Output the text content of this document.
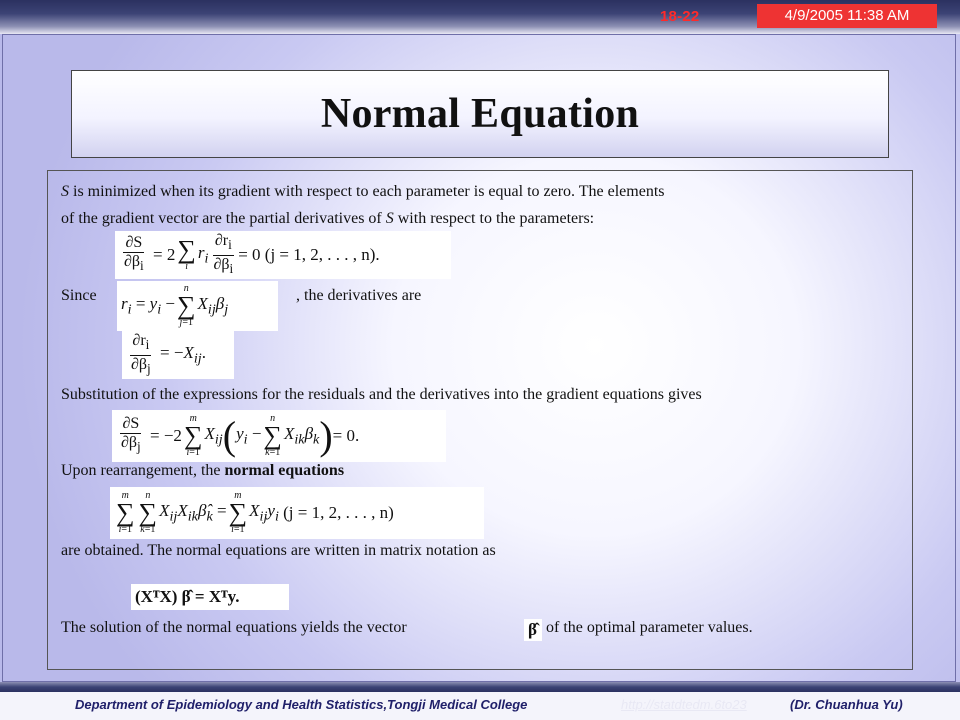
18-22	4/9/2005 11:38 AM
Normal Equation
S is minimized when its gradient with respect to each parameter is equal to zero. The elements
of the gradient vector are the partial derivatives of S with respect to the parameters:
$\frac{\partial S}{\partial\beta_i} = 2$ ∑
i
$r_i \frac{\partial r_i}{\partial\beta_i} = 0$ (j = 1, 2, . . . , n).
Since $r_i = y_i$ −
n
∑
j=1
$X_{ij}\beta_j$
, the derivatives are
$\frac{\partial r_i}{\partial\beta_j} = -X_{ij}$.
Substitution of the expressions for the residuals and the derivatives into the gradient equations gives
$\frac{\partial S}{\partial\beta_j} = -2$
m
∑
i=1
$X_{ij}$ ( $y_i$ −
n
∑
k=1
$X_{ik}\beta_k$ ) = 0.
Upon rearrangement, the normal equations
m
∑
i=1
n
∑
k=1
$X_{ij}X_{ik}\betâ_k$ =
m
∑
i=1
$X_{ij}y_i$ (j = 1, 2, . . . , n)
are obtained. The normal equations are written in matrix notation as
(XᵀX) β̂ = Xᵀy.
The solution of the normal equations yields the vector	β̂ of the optimal parameter values.
Department of Epidemiology and Health Statistics,Tongji Medical College	http://statdtedm.6to23	(Dr. Chuanhua Yu)
